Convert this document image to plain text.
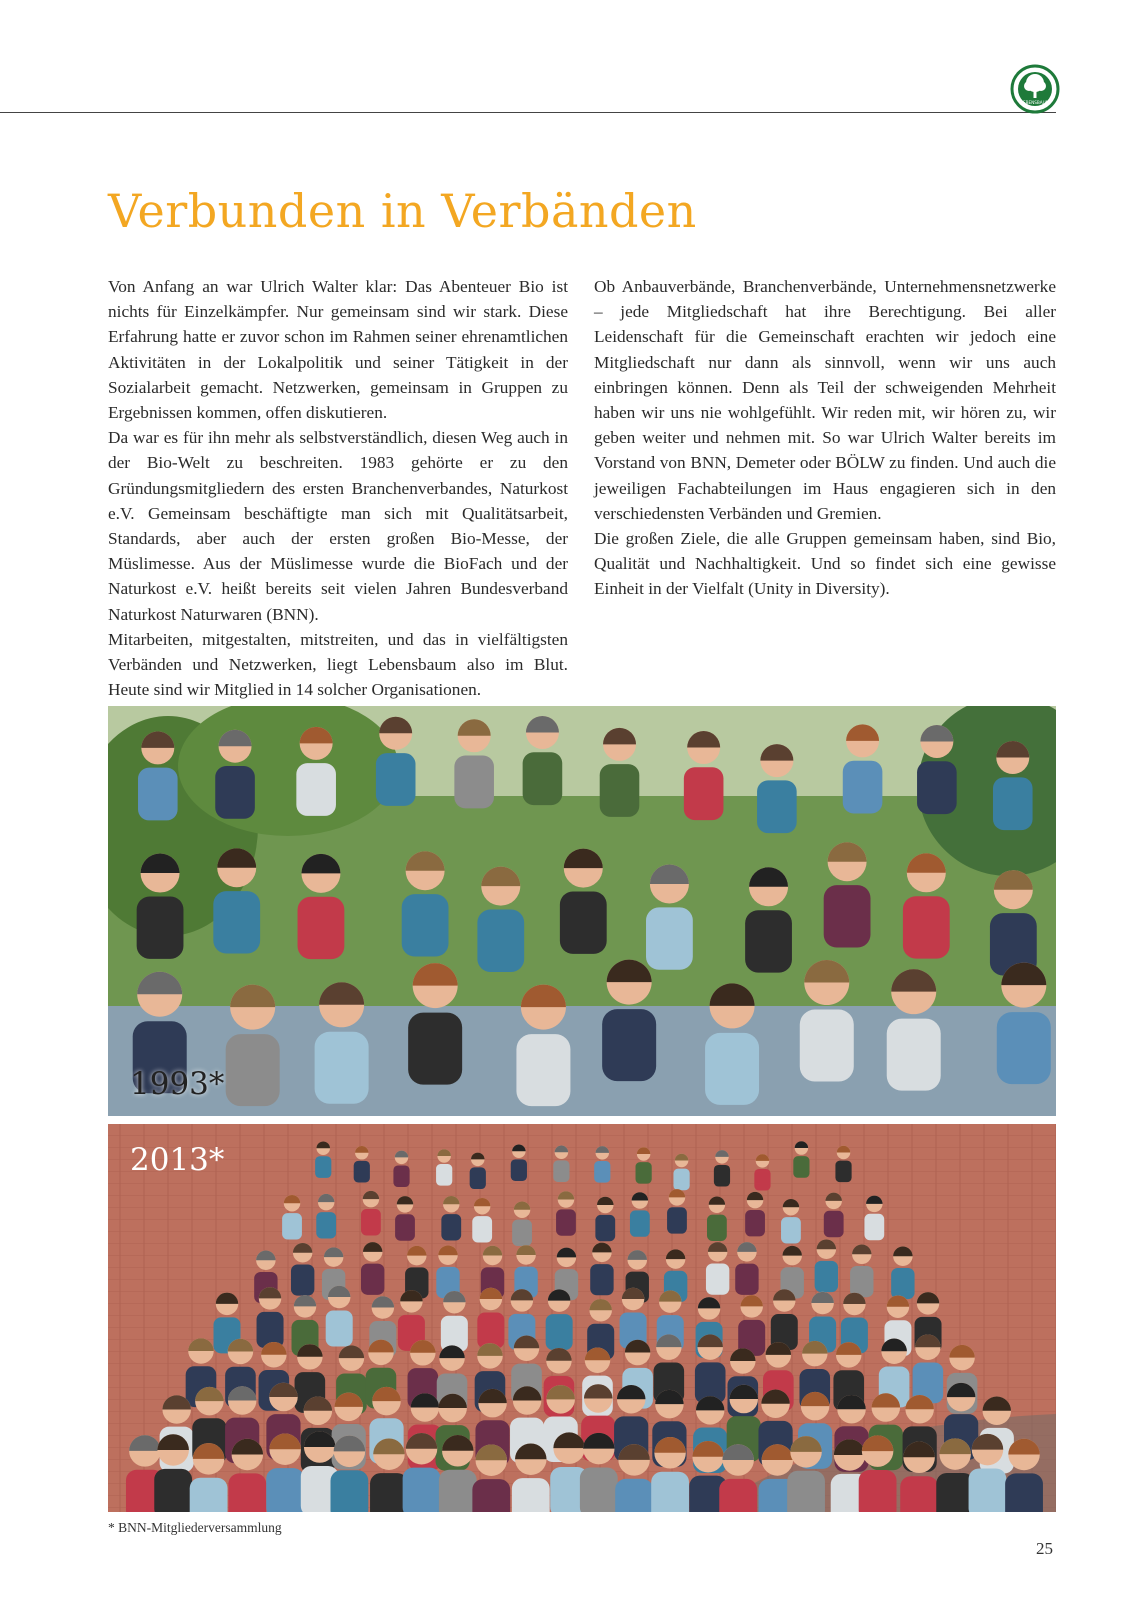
LEBENSBAUM
Verbunden in Verbänden

Von Anfang an war Ulrich Walter klar: Das Abenteuer Bio ist nichts für Einzelkämpfer. Nur gemeinsam sind wir stark. Diese Erfahrung hatte er zuvor schon im Rahmen seiner ehrenamtlichen Aktivitäten in der Lokalpolitik und seiner Tätigkeit in der Sozialarbeit gemacht. Netzwerken, gemeinsam in Gruppen zu Ergebnissen kommen, offen diskutieren.

Da war es für ihn mehr als selbstverständlich, diesen Weg auch in der Bio-Welt zu beschreiten. 1983 gehörte er zu den Gründungsmitgliedern des ersten Branchenverbandes, Naturkost e.V. Gemeinsam beschäftigte man sich mit Qualitätsarbeit, Standards, aber auch der ersten großen Bio-Messe, der Müslimesse. Aus der Müslimesse wurde die BioFach und der Naturkost e.V. heißt bereits seit vielen Jahren Bundesverband Naturkost Naturwaren (BNN).

Mitarbeiten, mitgestalten, mitstreiten, und das in vielfältigsten Verbänden und Netzwerken, liegt Lebensbaum also im Blut. Heute sind wir Mitglied in 14 solcher Organisationen.

Ob Anbauverbände, Branchenverbände, Unternehmensnetzwerke – jede Mitgliedschaft hat ihre Berechtigung. Bei aller Leidenschaft für die Gemeinschaft erachten wir jedoch eine Mitgliedschaft nur dann als sinnvoll, wenn wir uns auch einbringen können. Denn als Teil der schweigenden Mehrheit haben wir uns nie wohlgefühlt. Wir reden mit, wir hören zu, wir geben weiter und nehmen mit. So war Ulrich Walter bereits im Vorstand von BNN, Demeter oder BÖLW zu finden. Und auch die jeweiligen Fachabteilungen im Haus engagieren sich in den verschiedensten Verbänden und Gremien.

Die großen Ziele, die alle Gruppen gemeinsam haben, sind Bio, Qualität und Nachhaltigkeit. Und so findet sich eine gewisse Einheit in der Vielfalt (Unity in Diversity).

1993*
2013*
* BNN-Mitgliederversammlung
25
